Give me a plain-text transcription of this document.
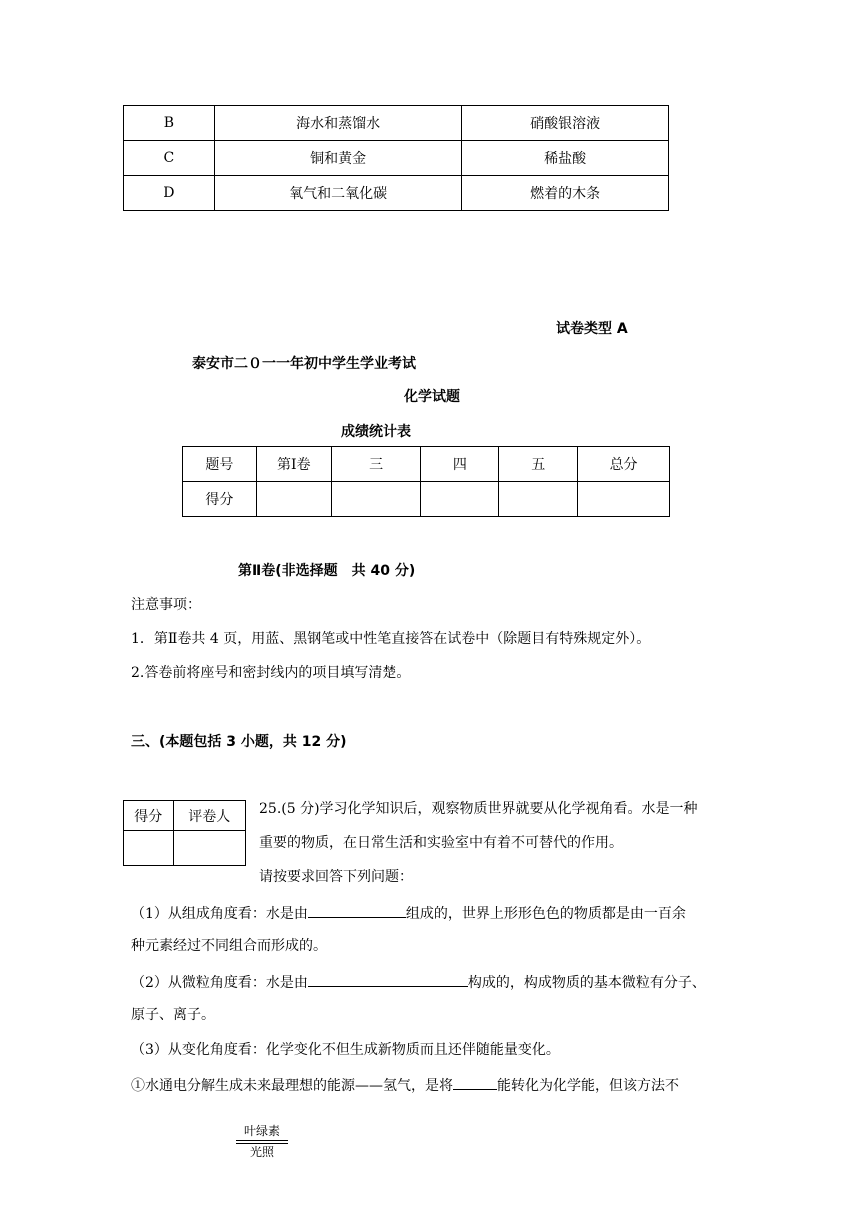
B	海水和蒸馏水	硝酸银溶液
C	铜和黄金	稀盐酸
D	氧气和二氧化碳	燃着的木条
试卷类型 A
泰安市二０一一年初中学生学业考试
化学试题
成绩统计表
题号	第Ⅰ卷	三	四	五	总分
得分					
第Ⅱ卷(非选择题　共 40 分)
注意事项：
1．第Ⅱ卷共 4 页，用蓝、黑钢笔或中性笔直接答在试卷中（除题目有特殊规定外）。
2.答卷前将座号和密封线内的项目填写清楚。
三、(本题包括 3 小题，共 12 分)
得分	评卷人
	25.(5 分)学习化学知识后，观察物质世界就要从化学视角看。水是一种
重要的物质，在日常生活和实验室中有着不可替代的作用。
请按要求回答下列问题：
（1）从组成角度看：水是由	组成的，世界上形形色色的物质都是由一百余
种元素经过不同组合而形成的。
（2）从微粒角度看：水是由	构成的，构成物质的基本微粒有分子、
原子、离子。
（3）从变化角度看：化学变化不但生成新物质而且还伴随能量变化。
①水通电分解生成未来最理想的能源——氢气，是将	能转化为化学能，但该方法不
叶绿素
光照
